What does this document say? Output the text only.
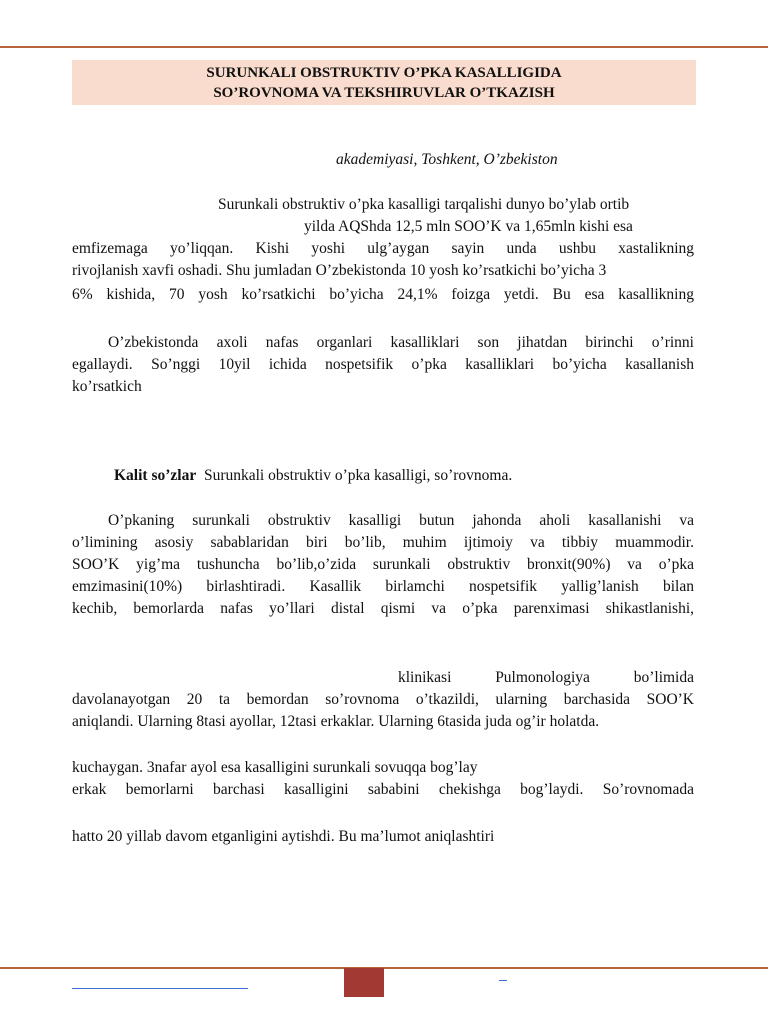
SURUNKALI OBSTRUKTIV O’PKA KASALLIGIDA
SO’ROVNOMA VA TEKSHIRUVLAR O’TKAZISH
akademiyasi, Toshkent, O’zbekiston
Surunkali obstruktiv o’pka kasalligi tarqalishi dunyo bo’ylab ortib
yilda AQShda 12,5 mln SOO’K va 1,65mln kishi esa
emfizemaga yo’liqqan. Kishi yoshi ulg’aygan sayin unda ushbu xastalikning
rivojlanish xavfi oshadi. Shu jumladan O’zbekistonda 10 yosh ko’rsatkichi bo’yicha 3
6% kishida, 70 yosh ko’rsatkichi bo’yicha 24,1% foizga yetdi. Bu esa kasallikning
O’zbekistonda axoli nafas organlari kasalliklari son jihatdan birinchi o’rinni
egallaydi. So’nggi 10yil ichida nospetsifik o’pka kasalliklari bo’yicha kasallanish
ko’rsatkich
Kalit so’zlar Surunkali obstruktiv o’pka kasalligi, so’rovnoma.
O’pkaning surunkali obstruktiv kasalligi butun jahonda aholi kasallanishi va
o’limining asosiy sabablaridan biri bo’lib, muhim ijtimoiy va tibbiy muammodir.
SOO’K yig’ma tushuncha bo’lib,o’zida surunkali obstruktiv bronxit(90%) va o’pka
emzimasini(10%) birlashtiradi. Kasallik birlamchi nospetsifik yallig’lanish bilan
kechib, bemorlarda nafas yo’llari distal qismi va o’pka parenximasi shikastlanishi,
klinikasi Pulmonologiya bo’limida
davolanayotgan 20 ta bemordan so’rovnoma o’tkazildi, ularning barchasida SOO’K
aniqlandi. Ularning 8tasi ayollar, 12tasi erkaklar. Ularning 6tasida juda og’ir holatda.
kuchaygan. 3nafar ayol esa kasalligini surunkali sovuqqa bog’lay
erkak bemorlarni barchasi kasalligini sababini chekishga bog’laydi. So’rovnomada
hatto 20 yillab davom etganligini aytishdi. Bu ma’lumot aniqlashtiri
